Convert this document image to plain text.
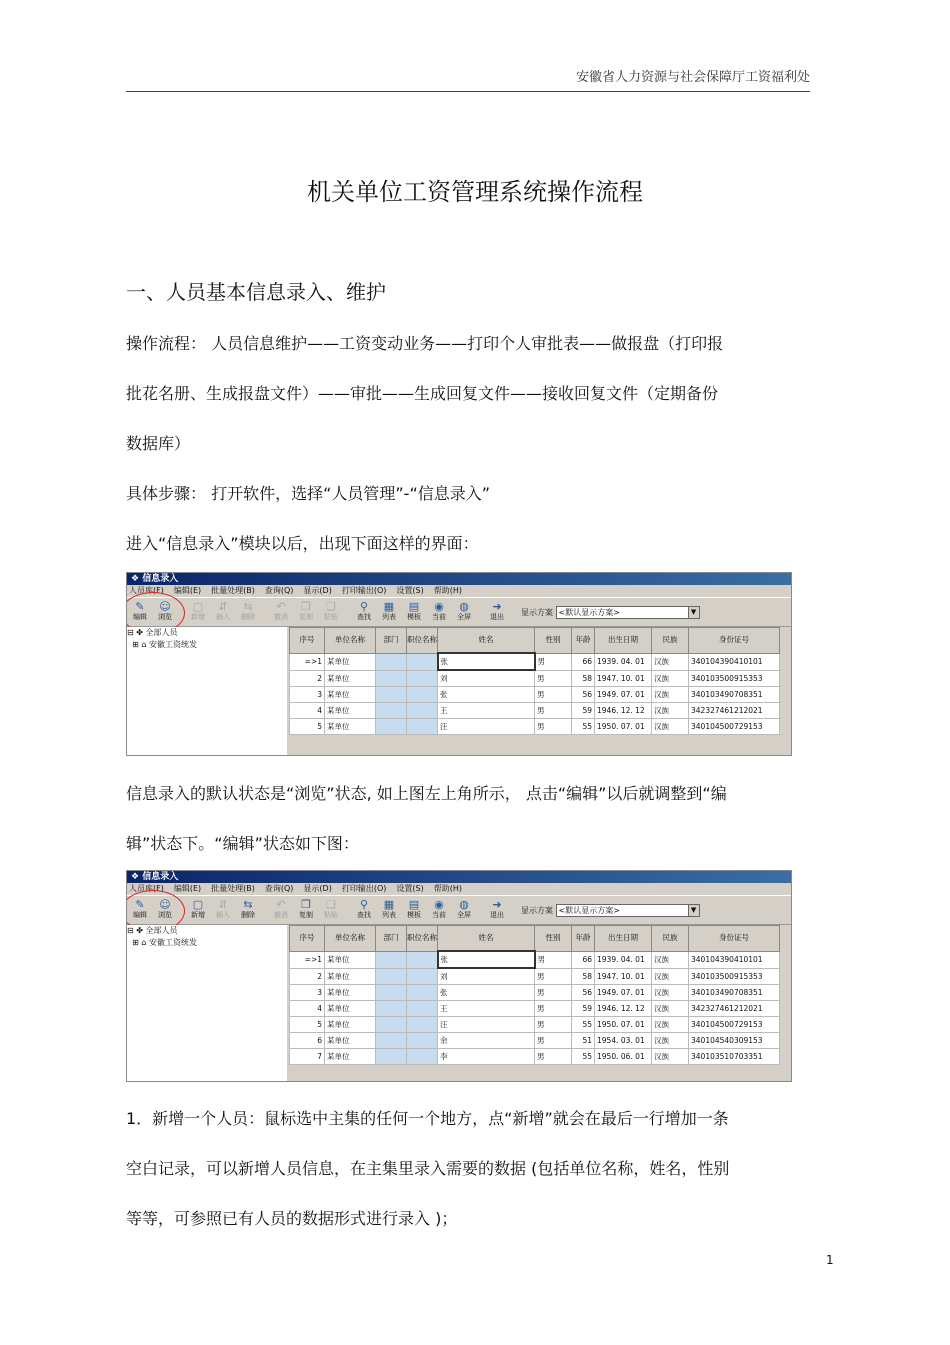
安徽省人力资源与社会保障厅工资福利处
机关单位工资管理系统操作流程
一、人员基本信息录入、维护
操作流程： 人员信息维护——工资变动业务——打印个人审批表——做报盘（打印报
批花名册、生成报盘文件）——审批——生成回复文件——接收回复文件（定期备份
数据库）
具体步骤： 打开软件，选择“人员管理”-“信息录入”
进入“信息录入”模块以后，出现下面这样的界面：
❖ 信息录入
人员库(F) 编辑(E) 批量处理(B) 查询(Q) 显示(D) 打印输出(O) 设置(S) 帮助(H)
✎
编辑
☺
浏览
▢
新增
⇵
插入
⇆
删除
↶
撤消
❐
复制
❏
粘贴
⚲
查找
▦
列表
▤
模板
◉
当前
◍
全屏
➜
退出	显示方案 <默认显示方案>	▼
⊟ ✤ 全部人员
⊞ ⌂ 安徽工资统发
序号	单位名称	部门	职位名称	姓名	性别	年龄	出生日期	民族	身份证号
=>1	某单位			张	男	66	1939. 04. 01	汉族	340104390410101
2	某单位			刘	男	58	1947. 10. 01	汉族	340103500915353
3	某单位			张	男	56	1949. 07. 01	汉族	340103490708351
4	某单位			王	男	59	1946. 12. 12	汉族	342327461212021
5	某单位			汪	男	55	1950. 07. 01	汉族	340104500729153
信息录入的默认状态是“浏览”状态, 如上图左上角所示， 点击“编辑”以后就调整到“编
辑”状态下。“编辑”状态如下图：
❖ 信息录入
人员库(F) 编辑(E) 批量处理(B) 查询(Q) 显示(D) 打印输出(O) 设置(S) 帮助(H)
✎
编辑
☺
浏览
▢
新增
⇵
插入
⇆
删除
↶
撤消
❐
复制
❏
粘贴
⚲
查找
▦
列表
▤
模板
◉
当前
◍
全屏
➜
退出	显示方案 <默认显示方案>	▼
⊟ ✤ 全部人员
⊞ ⌂ 安徽工资统发
序号	单位名称	部门	职位名称	姓名	性别	年龄	出生日期	民族	身份证号
=>1	某单位			张	男	66	1939. 04. 01	汉族	340104390410101
2	某单位			刘	男	58	1947. 10. 01	汉族	340103500915353
3	某单位			张	男	56	1949. 07. 01	汉族	340103490708351
4	某单位			王	男	59	1946. 12. 12	汉族	342327461212021
5	某单位			汪	男	55	1950. 07. 01	汉族	340104500729153
6	某单位			余	男	51	1954. 03. 01	汉族	340104540309153
7	某单位			李	男	55	1950. 06. 01	汉族	340103510703351
1．新增一个人员：鼠标选中主集的任何一个地方，点“新增”就会在最后一行增加一条
空白记录，可以新增人员信息，在主集里录入需要的数据 (包括单位名称，姓名，性别
等等，可参照已有人员的数据形式进行录入 )；
1
